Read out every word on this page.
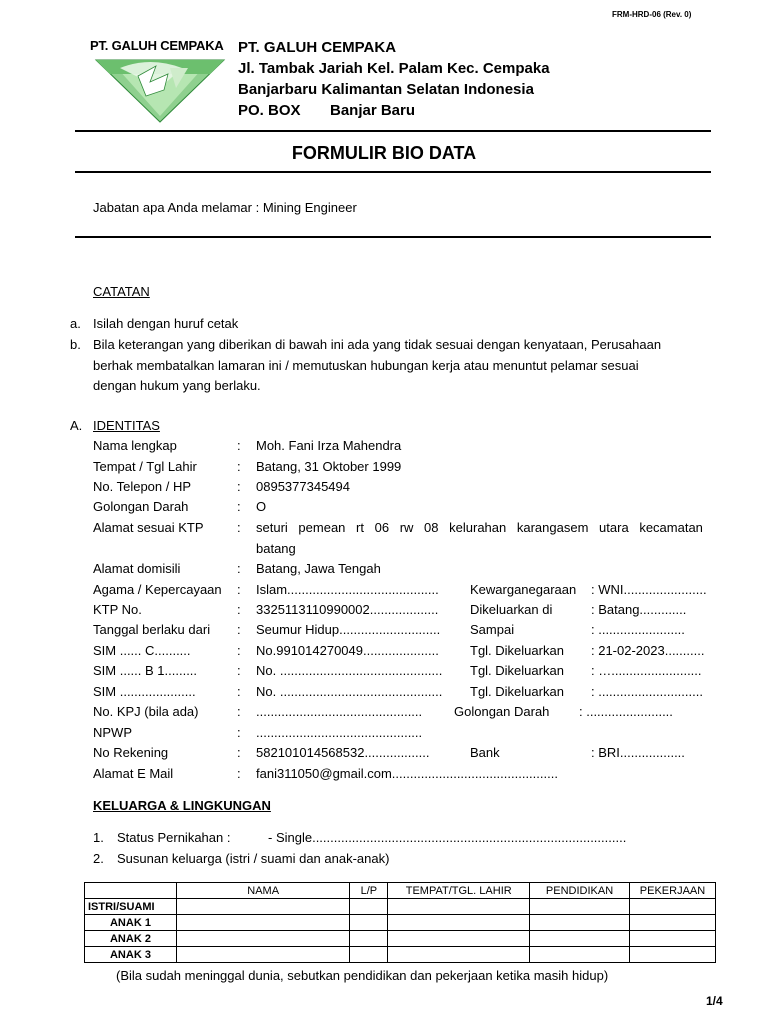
FRM-HRD-06 (Rev. 0)
PT. GALUH CEMPAKA PT. GALUH CEMPAKA
Jl. Tambak Jariah Kel. Palam Kec. Cempaka
Banjarbaru Kalimantan Selatan Indonesia
PO. BOX Banjar Baru
FORMULIR BIO DATA
Jabatan apa Anda melamar : Mining Engineer
CATATAN
a. Isilah dengan huruf cetak
b. Bila keterangan yang diberikan di bawah ini ada yang tidak sesuai dengan kenyataan, Perusahaan
berhak membatalkan lamaran ini / memutuskan hubungan kerja atau menuntut pelamar sesuai
dengan hukum yang berlaku.
A. IDENTITAS
Nama lengkap	: Moh. Fani Irza Mahendra
Tempat / Tgl Lahir	: Batang, 31 Oktober 1999
No. Telepon / HP	: 0895377345494
Golongan Darah	: O
Alamat sesuai KTP	: seturi pemean rt 06 rw 08 kelurahan karangasem utara kecamatan
batang
Alamat domisili	: Batang, Jawa Tengah
Agama / Kepercayaan : Islam.......................................... Kewarganegaraan : WNI.......................
KTP No.	: 3325113110990002................... Dikeluarkan di	: Batang.............
Tanggal berlaku dari : Seumur Hidup............................ Sampai	: ........................
SIM ...... C..........	: No.991014270049..................... Tgl. Dikeluarkan : 21-02-2023...........
SIM ...... B 1.........	: No. ............................................. Tgl. Dikeluarkan : ….........................
SIM .....................	: No. ............................................. Tgl. Dikeluarkan : .............................
No. KPJ (bila ada)	: .............................................. Golongan Darah : ........................
NPWP	: ..............................................
No Rekening	: 582101014568532..................	Bank	: BRI..................
Alamat E Mail	: fani311050@gmail.com..............................................
KELUARGA & LINGKUNGAN
1. Status Pernikahan :	- Single.......................................................................................
2. Susunan keluarga (istri / suami dan anak-anak)
	NAMA	L/P	TEMPAT/TGL. LAHIR	PENDIDIKAN	PEKERJAAN
ISTRI/SUAMI					
ANAK 1					
ANAK 2					
ANAK 3					
(Bila sudah meninggal dunia, sebutkan pendidikan dan pekerjaan ketika masih hidup)
1/4
